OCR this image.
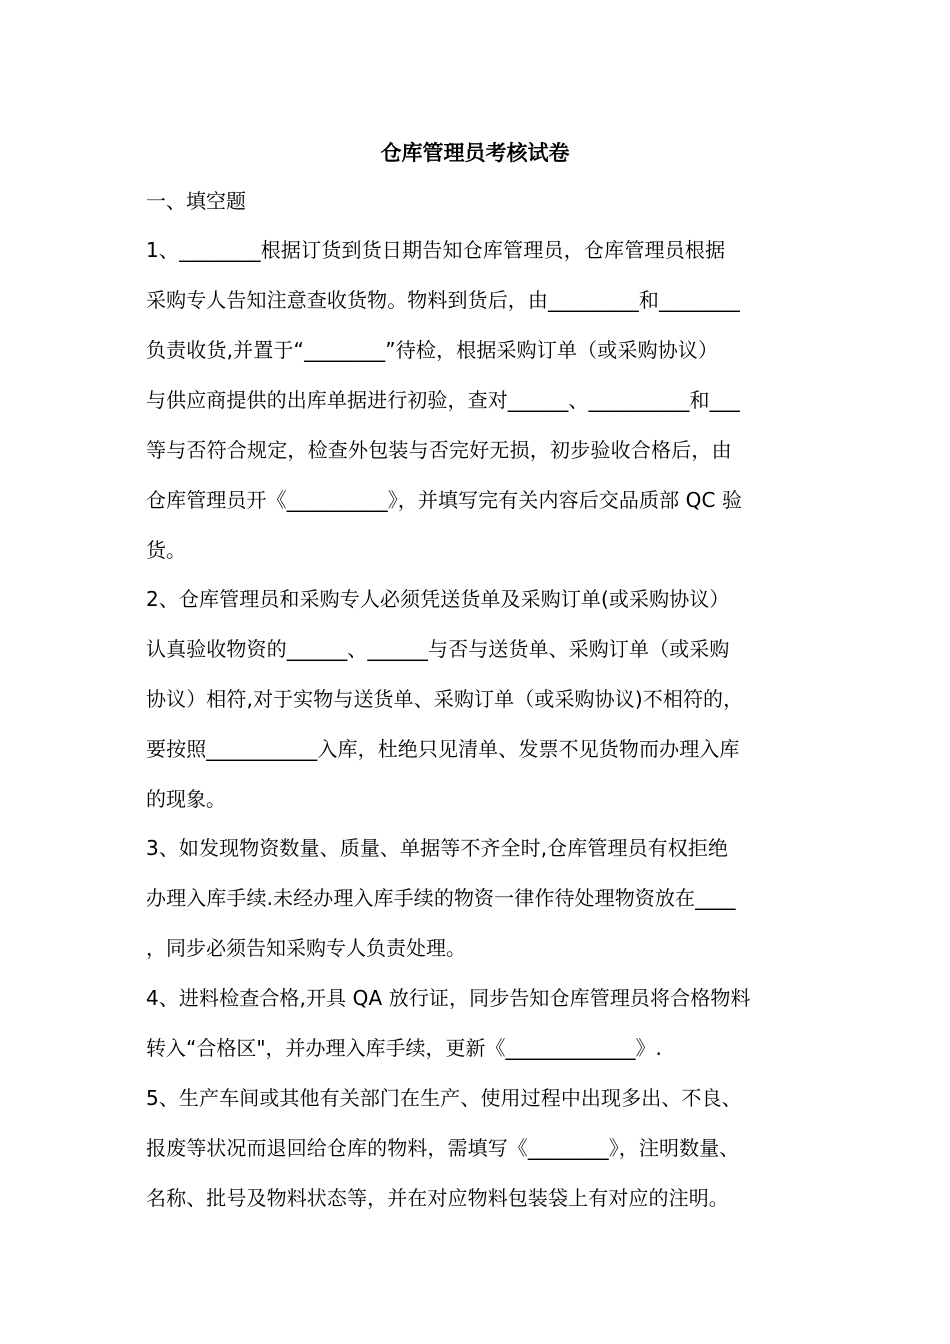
仓库管理员考核试卷
一、填空题
1、________根据订货到货日期告知仓库管理员，仓库管理员根据
采购专人告知注意查收货物。物料到货后，由_________和________
负责收货,并置于“________”待检，根据采购订单（或采购协议）
与供应商提供的出库单据进行初验，查对______、__________和___
等与否符合规定，检查外包装与否完好无损，初步验收合格后，由
仓库管理员开《__________》，并填写完有关内容后交品质部 QC 验
货。
2、仓库管理员和采购专人必须凭送货单及采购订单(或采购协议）
认真验收物资的______、______与否与送货单、采购订单（或采购
协议）相符,对于实物与送货单、采购订单（或采购协议)不相符的，
要按照___________入库，杜绝只见清单、发票不见货物而办理入库
的现象。
3、如发现物资数量、质量、单据等不齐全时,仓库管理员有权拒绝
办理入库手续.未经办理入库手续的物资一律作待处理物资放在____
，同步必须告知采购专人负责处理。
4、进料检查合格,开具 QA 放行证，同步告知仓库管理员将合格物料
转入“合格区"，并办理入库手续，更新《_____________》.
5、生产车间或其他有关部门在生产、使用过程中出现多出、不良、
报废等状况而退回给仓库的物料，需填写《________》，注明数量、
名称、批号及物料状态等，并在对应物料包装袋上有对应的注明。
